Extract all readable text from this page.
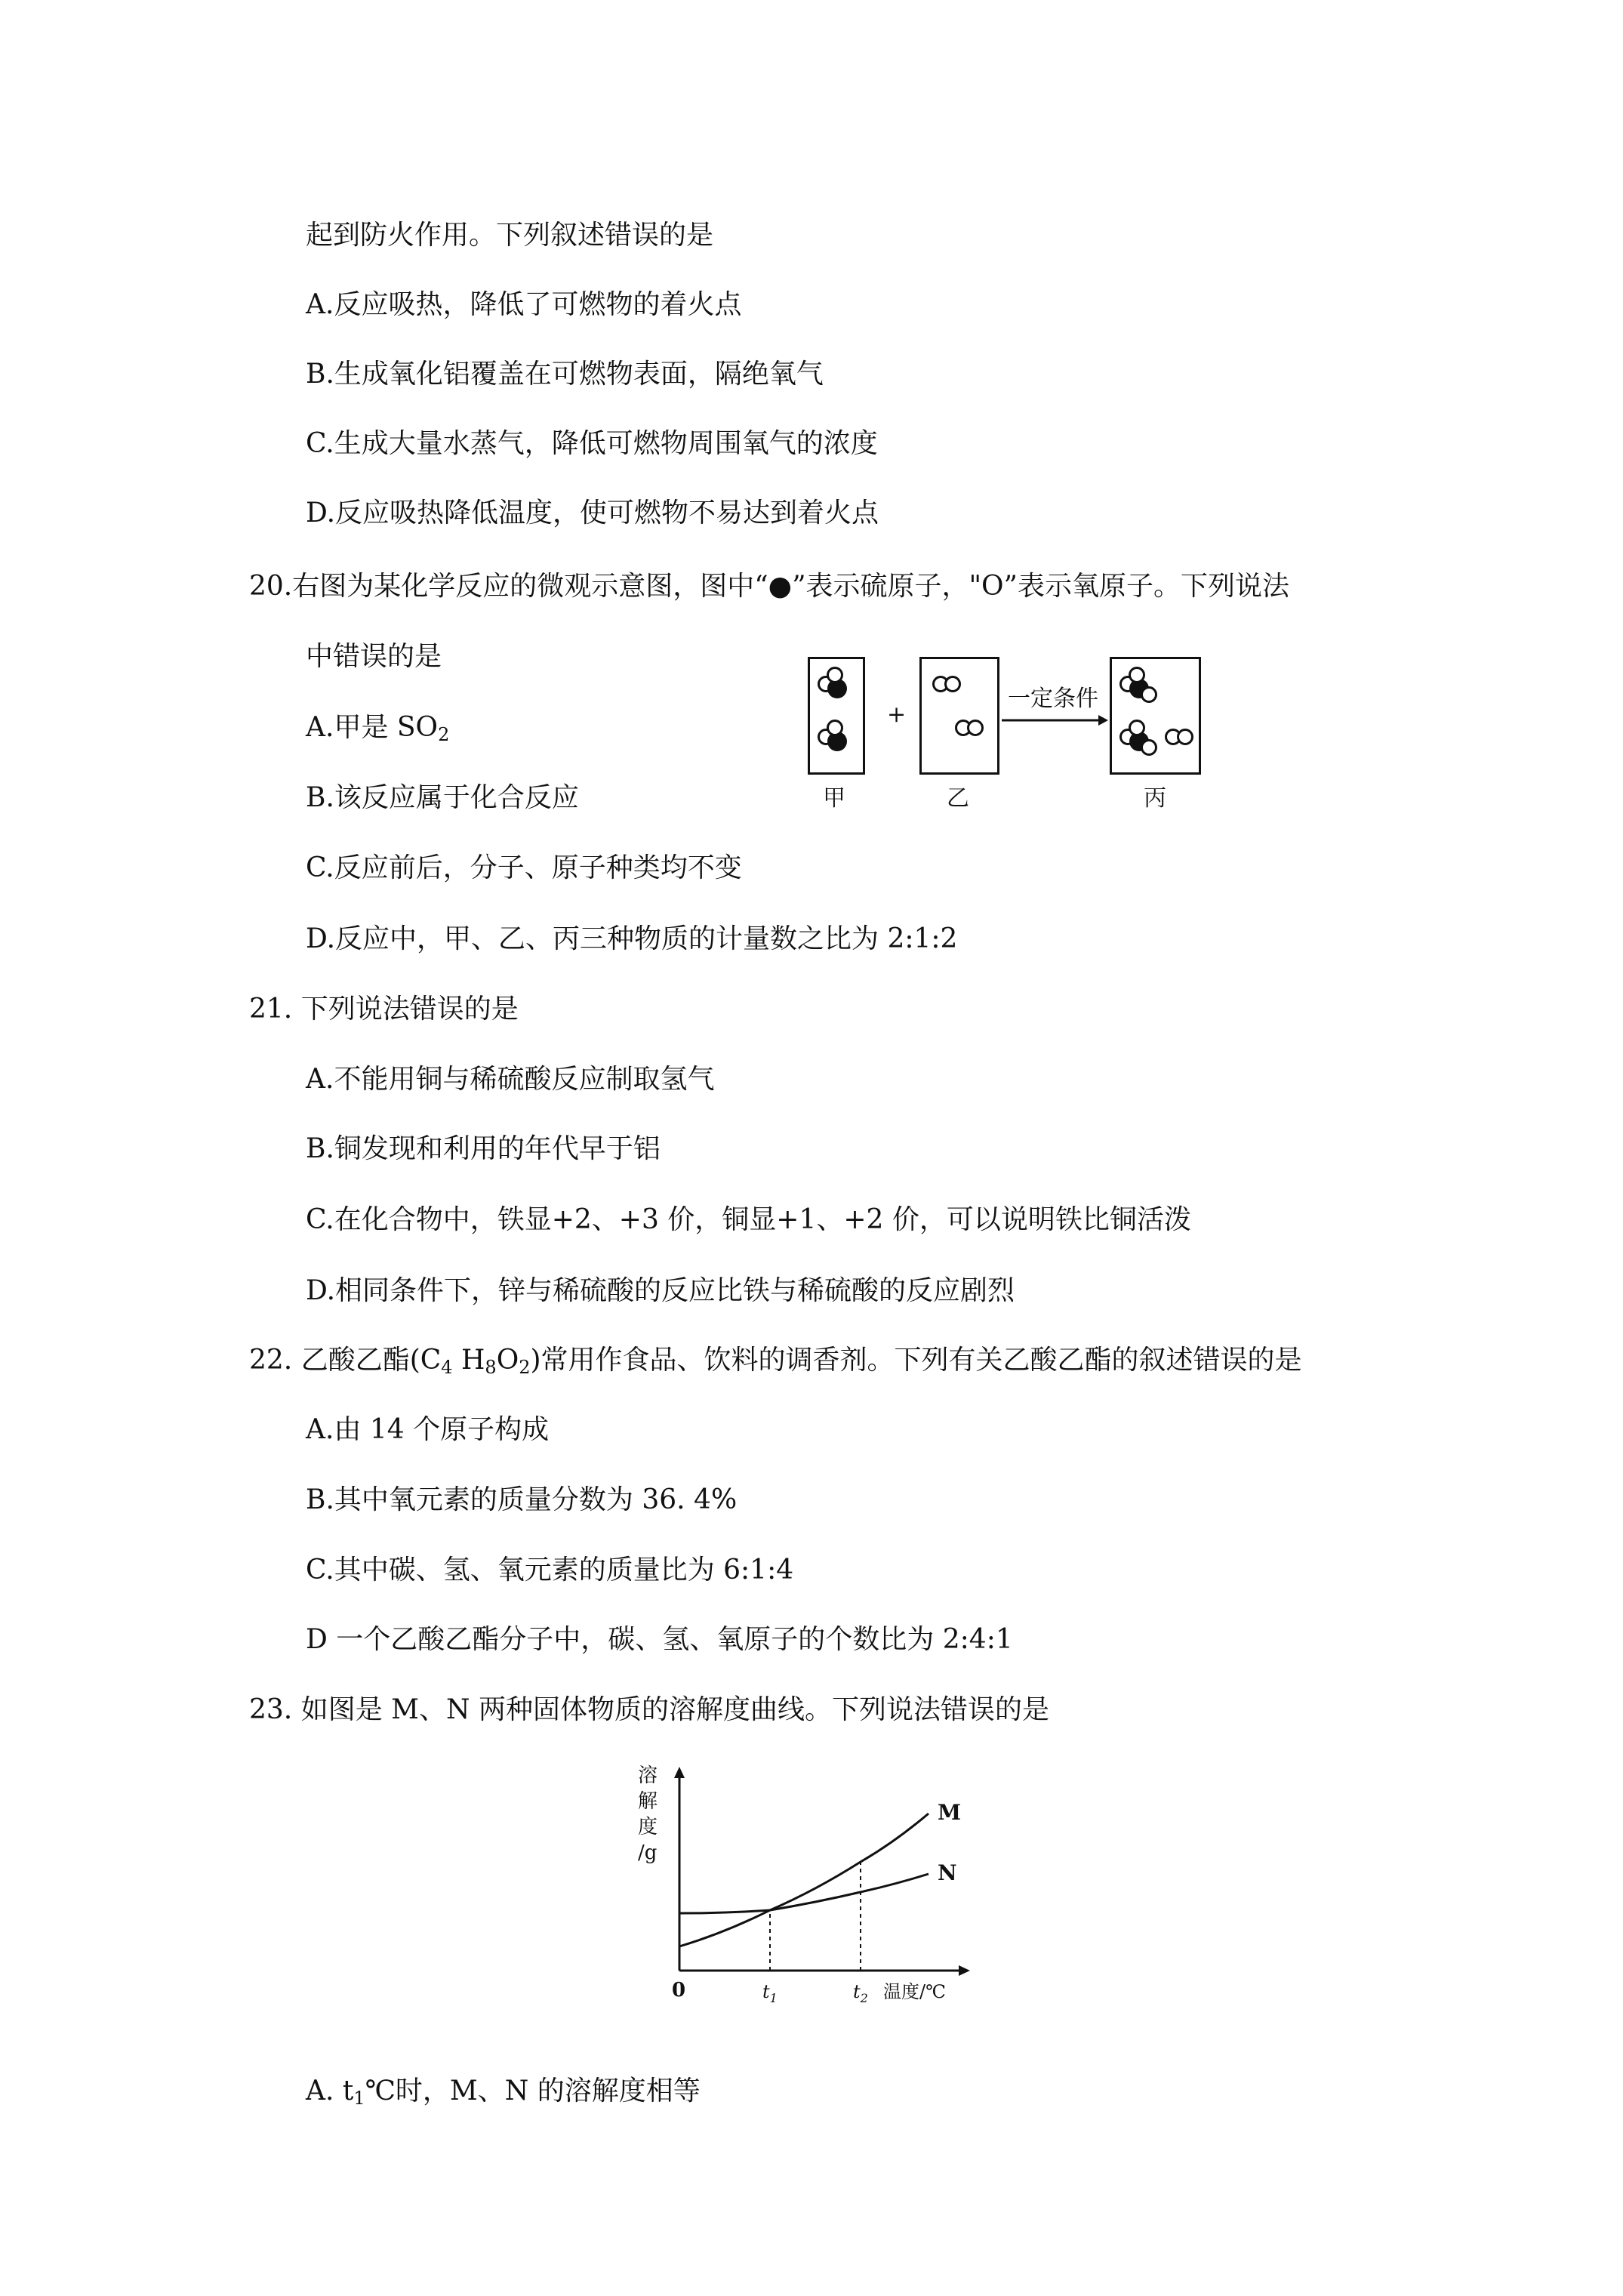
起到防火作用。下列叙述错误的是
A.反应吸热，降低了可燃物的着火点
B.生成氧化铝覆盖在可燃物表面，隔绝氧气
C.生成大量水蒸气，降低可燃物周围氧气的浓度
D.反应吸热降低温度，使可燃物不易达到着火点
20.右图为某化学反应的微观示意图，图中“●”表示硫原子，"O”表示氧原子。下列说法
中错误的是
A.甲是 $SO_2$
B.该反应属于化合反应
C.反应前后，分子、原子种类均不变
D.反应中，甲、乙、丙三种物质的计量数之比为 2:1:2
+
一定条件
甲	乙	丙
21. 下列说法错误的是
A.不能用铜与稀硫酸反应制取氢气
B.铜发现和利用的年代早于铝
C.在化合物中，铁显+2、+3 价，铜显+1、+2 价，可以说明铁比铜活泼
D.相同条件下，锌与稀硫酸的反应比铁与稀硫酸的反应剧烈
22. 乙酸乙酯($C_4$ $H_8O_2$)常用作食品、饮料的调香剂。下列有关乙酸乙酯的叙述错误的是
A.由 14 个原子构成
B.其中氧元素的质量分数为 36. 4%
C.其中碳、氢、氧元素的质量比为 6:1:4
D 一个乙酸乙酯分子中，碳、氢、氧原子的个数比为 2:4:1
23. 如图是 M、N 两种固体物质的溶解度曲线。下列说法错误的是
溶
解
度
/g
M
N
0	$t_1$	$t_2$ 温度/℃
A. $t_1℃$时，M、N 的溶解度相等
